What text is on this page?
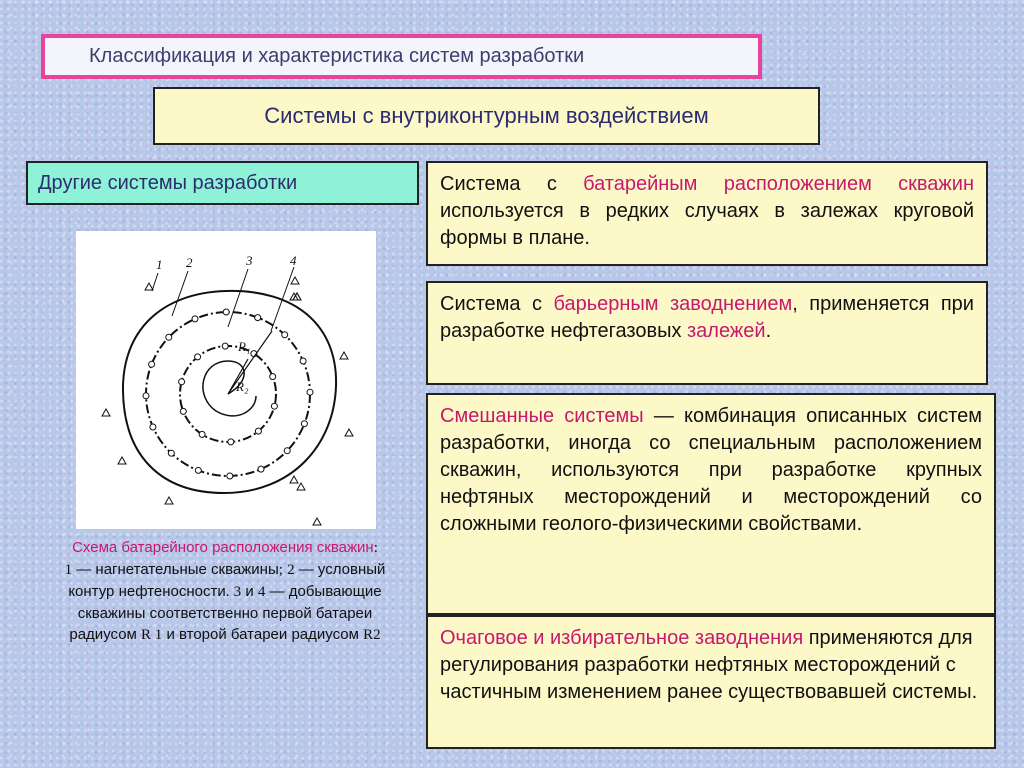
Классификация и характеристика систем разработки
Системы с внутриконтурным воздействием
Другие системы разработки	Система с батарейным расположением скважин используется в редких случаях в залежах круговой формы в плане.
Система с барьерным заводнением, применяется при разработке нефтегазовых залежей.
Смешанные системы — комбинация описанных систем разработки, иногда со специальным расположением скважин, используются при разработке крупных нефтяных месторождений и месторождений со сложными геолого-физическими свойствами.
Очаговое и избирательное заводнения применяются для регулирования разработки нефтяных месторождений с частичным изменением ранее существовавшей системы.
1 2	3	4
R₁
R₂
Схема батарейного расположения скважин:
1 — нагнетательные скважины; 2 — условный контур нефтеносности. 3 и 4 — добывающие скважины соответственно первой батареи радиусом R 1 и второй батареи радиусом R2
